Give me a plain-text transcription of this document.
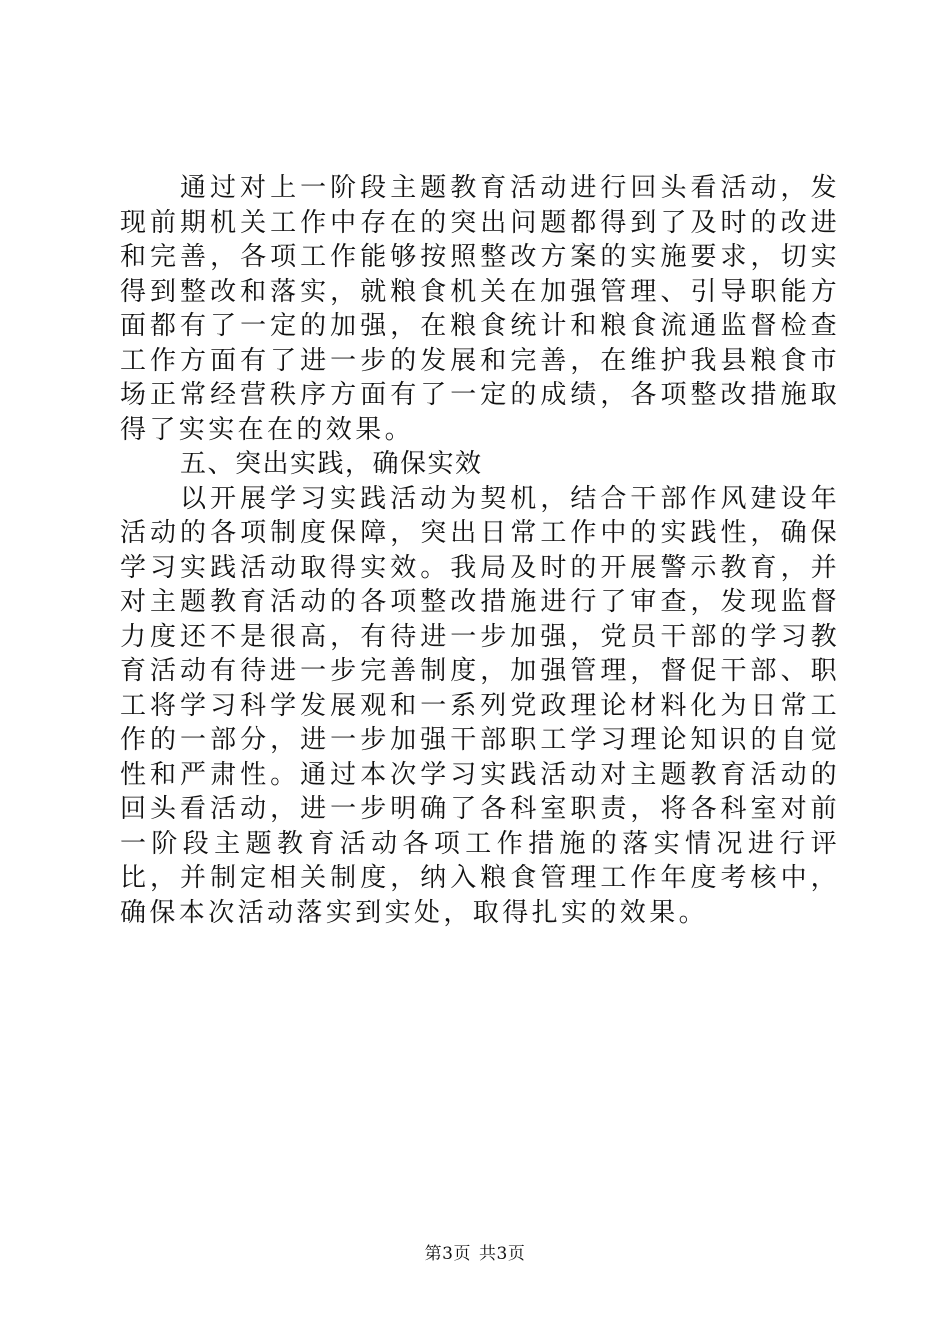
通过对上一阶段主题教育活动进行回头看活动，发现前期机关工作中存在的突出问题都得到了及时的改进和完善，各项工作能够按照整改方案的实施要求，切实得到整改和落实，就粮食机关在加强管理、引导职能方面都有了一定的加强，在粮食统计和粮食流通监督检查工作方面有了进一步的发展和完善，在维护我县粮食市场正常经营秩序方面有了一定的成绩，各项整改措施取得了实实在在的效果。

五、突出实践，确保实效

以开展学习实践活动为契机，结合干部作风建设年活动的各项制度保障，突出日常工作中的实践性，确保学习实践活动取得实效。我局及时的开展警示教育，并对主题教育活动的各项整改措施进行了审查，发现监督力度还不是很高，有待进一步加强，党员干部的学习教育活动有待进一步完善制度，加强管理，督促干部、职工将学习科学发展观和一系列党政理论材料化为日常工作的一部分，进一步加强干部职工学习理论知识的自觉性和严肃性。通过本次学习实践活动对主题教育活动的回头看活动，进一步明确了各科室职责，将各科室对前一阶段主题教育活动各项工作措施的落实情况进行评比，并制定相关制度，纳入粮食管理工作年度考核中，确保本次活动落实到实处，取得扎实的效果。

第3页 共3页
